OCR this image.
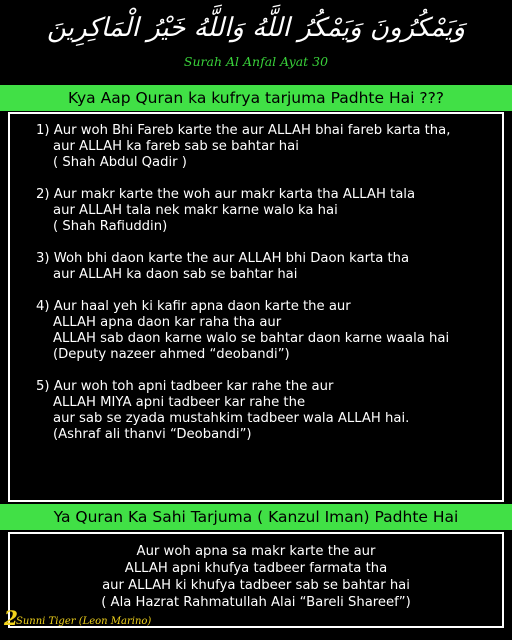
وَيَمْكُرُونَ وَيَمْكُرُ اللَّهُ وَاللَّهُ خَيْرُ الْمَاكِرِينَ
Surah Al Anfal Ayat 30
Kya Aap Quran ka kufrya tarjuma Padhte Hai ???
1) Aur woh Bhi Fareb karte the aur ALLAH bhai fareb karta tha,
aur ALLAH ka fareb sab se bahtar hai
( Shah Abdul Qadir )
2) Aur makr karte the woh aur makr karta tha ALLAH tala
aur ALLAH tala nek makr karne walo ka hai
( Shah Rafiuddin)
3) Woh bhi daon karte the aur ALLAH bhi Daon karta tha
aur ALLAH ka daon sab se bahtar hai
4) Aur haal yeh ki kafir apna daon karte the aur
ALLAH apna daon kar raha tha aur
ALLAH sab daon karne walo se bahtar daon karne waala hai
(Deputy nazeer ahmed “deobandi”)
5) Aur woh toh apni tadbeer kar rahe the aur
ALLAH MIYA apni tadbeer kar rahe the
aur sab se zyada mustahkim tadbeer wala ALLAH hai.
(Ashraf ali thanvi “Deobandi”)
Ya Quran Ka Sahi Tarjuma ( Kanzul Iman) Padhte Hai
Aur woh apna sa makr karte the aur
ALLAH apni khufya tadbeer farmata tha
aur ALLAH ki khufya tadbeer sab se bahtar hai
( Ala Hazrat Rahmatullah Alai “Bareli Shareef”)
2
Sunni Tiger (Leon Marino)
